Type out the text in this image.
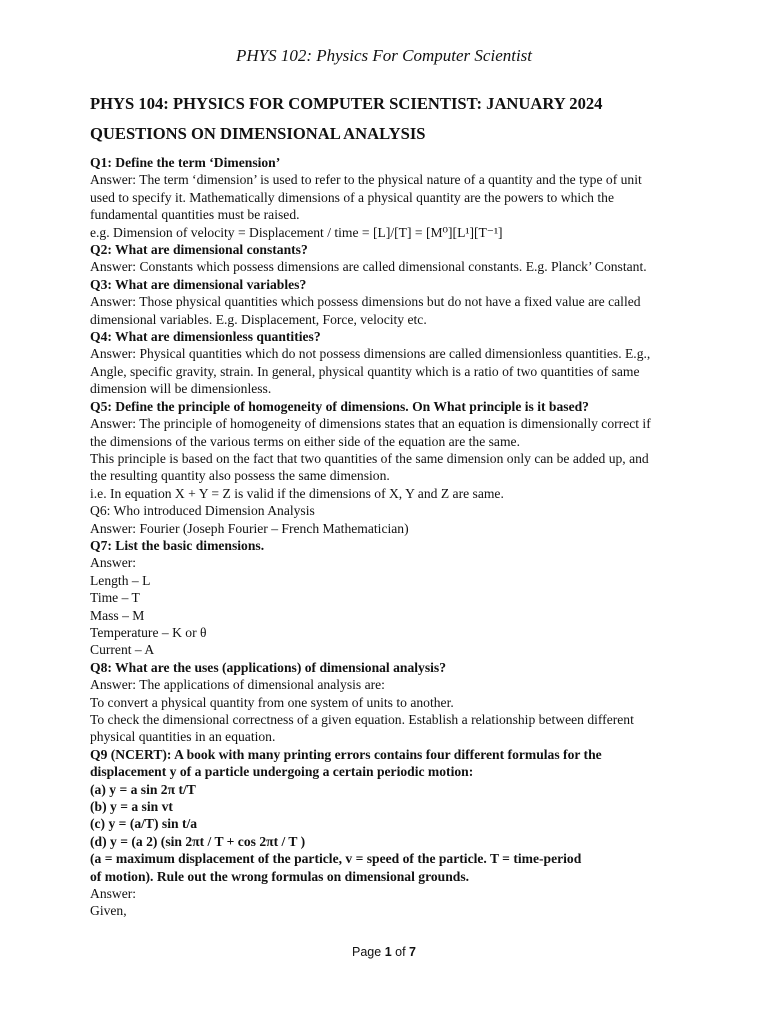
PHYS 102: Physics For Computer Scientist
PHYS 104: PHYSICS FOR COMPUTER SCIENTIST: JANUARY 2024
QUESTIONS ON DIMENSIONAL ANALYSIS
Q1: Define the term ‘Dimension’
Answer: The term ‘dimension’ is used to refer to the physical nature of a quantity and the type of unit
used to specify it. Mathematically dimensions of a physical quantity are the powers to which the
fundamental quantities must be raised.
e.g. Dimension of velocity = Displacement / time = [L]/[T] = [M⁰][L¹][T⁻¹]
Q2: What are dimensional constants?
Answer: Constants which possess dimensions are called dimensional constants. E.g. Planck’ Constant.
Q3: What are dimensional variables?
Answer: Those physical quantities which possess dimensions but do not have a fixed value are called
dimensional variables. E.g. Displacement, Force, velocity etc.
Q4: What are dimensionless quantities?
Answer: Physical quantities which do not possess dimensions are called dimensionless quantities. E.g.,
Angle, specific gravity, strain. In general, physical quantity which is a ratio of two quantities of same
dimension will be dimensionless.
Q5: Define the principle of homogeneity of dimensions. On What principle is it based?
Answer: The principle of homogeneity of dimensions states that an equation is dimensionally correct if
the dimensions of the various terms on either side of the equation are the same.
This principle is based on the fact that two quantities of the same dimension only can be added up, and
the resulting quantity also possess the same dimension.
i.e. In equation X + Y = Z is valid if the dimensions of X, Y and Z are same.
Q6: Who introduced Dimension Analysis
Answer: Fourier (Joseph Fourier – French Mathematician)
Q7: List the basic dimensions.
Answer:
Length – L
Time – T
Mass – M
Temperature – K or θ
Current – A
Q8: What are the uses (applications) of dimensional analysis?
Answer: The applications of dimensional analysis are:
To convert a physical quantity from one system of units to another.
To check the dimensional correctness of a given equation. Establish a relationship between different
physical quantities in an equation.
Q9 (NCERT): A book with many printing errors contains four different formulas for the
displacement y of a particle undergoing a certain periodic motion:
(a) y = a sin 2π t/T
(b) y = a sin vt
(c) y = (a/T) sin t/a
(d) y = (a 2) (sin 2πt / T + cos 2πt / T )
(a = maximum displacement of the particle, v = speed of the particle. T = time-period
of motion). Rule out the wrong formulas on dimensional grounds.
Answer:
Given,
Page 1 of 7
